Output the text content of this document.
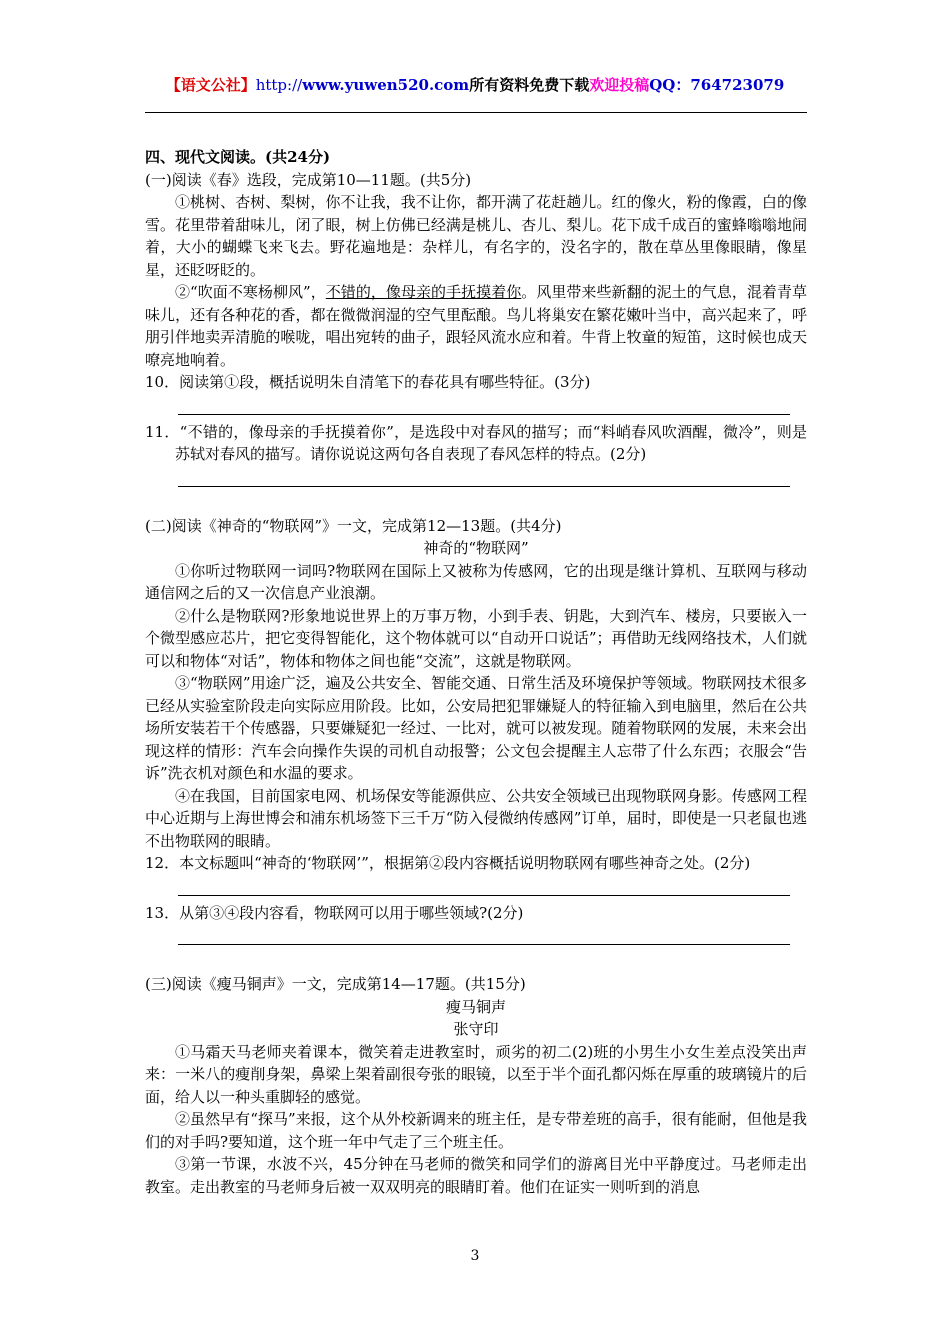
【语文公社】http://www.yuwen520.com所有资料免费下载欢迎投稿QQ：764723079

四、现代文阅读。(共24分)

(一)阅读《春》选段，完成第10—11题。(共5分)

①桃树、杏树、梨树，你不让我，我不让你，都开满了花赶趟儿。红的像火，粉的像霞，白的像雪。花里带着甜味儿，闭了眼，树上仿佛已经满是桃儿、杏儿、梨儿。花下成千成百的蜜蜂嗡嗡地闹着，大小的蝴蝶飞来飞去。野花遍地是：杂样儿，有名字的，没名字的，散在草丛里像眼睛，像星星，还眨呀眨的。

②“吹面不寒杨柳风”，不错的，像母亲的手抚摸着你。风里带来些新翻的泥土的气息，混着青草味儿，还有各种花的香，都在微微润湿的空气里酝酿。鸟儿将巢安在繁花嫩叶当中，高兴起来了，呼朋引伴地卖弄清脆的喉咙，唱出宛转的曲子，跟轻风流水应和着。牛背上牧童的短笛，这时候也成天嘹亮地响着。

10．阅读第①段，概括说明朱自清笔下的春花具有哪些特征。(3分)

11．“不错的，像母亲的手抚摸着你”，是选段中对春风的描写；而“料峭春风吹酒醒，微冷”，则是苏轼对春风的描写。请你说说这两句各自表现了春风怎样的特点。(2分)

(二)阅读《神奇的“物联网”》一文，完成第12—13题。(共4分)

神奇的“物联网”

①你听过物联网一词吗?物联网在国际上又被称为传感网，它的出现是继计算机、互联网与移动通信网之后的又一次信息产业浪潮。

②什么是物联网?形象地说世界上的万事万物，小到手表、钥匙，大到汽车、楼房，只要嵌入一个微型感应芯片，把它变得智能化，这个物体就可以“自动开口说话”；再借助无线网络技术，人们就可以和物体“对话”，物体和物体之间也能“交流”，这就是物联网。

③“物联网”用途广泛，遍及公共安全、智能交通、日常生活及环境保护等领域。物联网技术很多已经从实验室阶段走向实际应用阶段。比如，公安局把犯罪嫌疑人的特征输入到电脑里，然后在公共场所安装若干个传感器，只要嫌疑犯一经过、一比对，就可以被发现。随着物联网的发展，未来会出现这样的情形：汽车会向操作失误的司机自动报警；公文包会提醒主人忘带了什么东西；衣服会“告诉”洗衣机对颜色和水温的要求。

④在我国，目前国家电网、机场保安等能源供应、公共安全领域已出现物联网身影。传感网工程中心近期与上海世博会和浦东机场签下三千万“防入侵微纳传感网”订单，届时，即使是一只老鼠也逃不出物联网的眼睛。

12．本文标题叫“神奇的‘物联网’”，根据第②段内容概括说明物联网有哪些神奇之处。(2分)

13．从第③④段内容看，物联网可以用于哪些领域?(2分)

(三)阅读《瘦马铜声》一文，完成第14—17题。(共15分)

瘦马铜声

张守印

①马霜天马老师夹着课本，微笑着走进教室时，顽劣的初二(2)班的小男生小女生差点没笑出声来：一米八的瘦削身架，鼻梁上架着副很夸张的眼镜，以至于半个面孔都闪烁在厚重的玻璃镜片的后面，给人以一种头重脚轻的感觉。

②虽然早有“探马”来报，这个从外校新调来的班主任，是专带差班的高手，很有能耐，但他是我们的对手吗?要知道，这个班一年中气走了三个班主任。

③第一节课，水波不兴，45分钟在马老师的微笑和同学们的游离目光中平静度过。马老师走出教室。走出教室的马老师身后被一双双明亮的眼睛盯着。他们在证实一则听到的消息

3
